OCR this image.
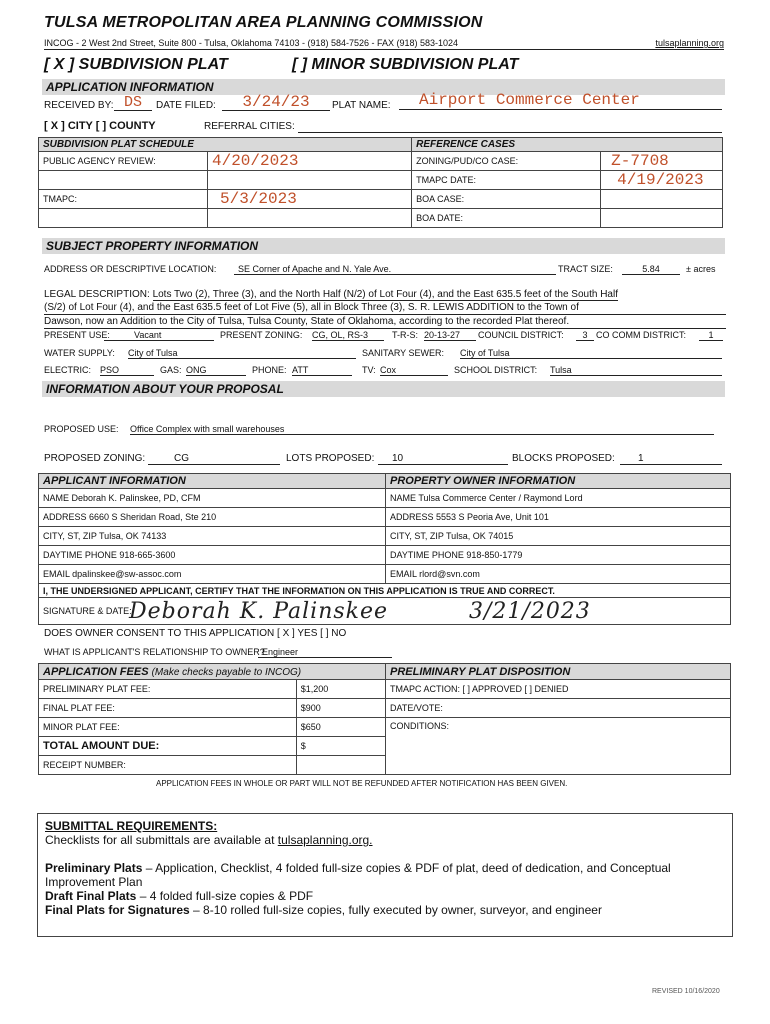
TULSA METROPOLITAN AREA PLANNING COMMISSION
INCOG - 2 West 2nd Street, Suite 800 - Tulsa, Oklahoma 74103 - (918) 584-7526 - FAX (918) 583-1024	tulsaplanning.org
[ X ] SUBDIVISION PLAT	[ ] MINOR SUBDIVISION PLAT
APPLICATION INFORMATION
RECEIVED BY: DS	DATE FILED:	3/24/23	PLAT NAME:	Airport Commerce Center
[ X ] CITY [ ] COUNTY	REFERRAL CITIES:
SUBDIVISION PLAT SCHEDULE		REFERENCE CASES	
PUBLIC AGENCY REVIEW:	4/20/2023	ZONING/PUD/CO CASE:	Z-7708
		TMAPC DATE:	4/19/2023
TMAPC:	5/3/2023	BOA CASE:	
		BOA DATE:	
SUBJECT PROPERTY INFORMATION
ADDRESS OR DESCRIPTIVE LOCATION:	SE Corner of Apache and N. Yale Ave.	TRACT SIZE:	5.84	± acres
LEGAL DESCRIPTION: Lots Two (2), Three (3), and the North Half (N/2) of Lot Four (4), and the East 635.5 feet of the South Half
(S/2) of Lot Four (4), and the East 635.5 feet of Lot Five (5), all in Block Three (3), S. R. LEWIS ADDITION to the Town of
Dawson, now an Addition to the City of Tulsa, Tulsa County, State of Oklahoma, according to the recorded Plat thereof.
PRESENT USE:	Vacant	PRESENT ZONING: CG, OL, RS-3	T-R-S: 20-13-27	COUNCIL DISTRICT:	3 CO COMM DISTRICT:	1
WATER SUPPLY: City of Tulsa	SANITARY SEWER: City of Tulsa
ELECTRIC: PSO	GAS: ONG	PHONE: ATT	TV: Cox	SCHOOL DISTRICT: Tulsa
INFORMATION ABOUT YOUR PROPOSAL
PROPOSED USE: Office Complex with small warehouses
PROPOSED ZONING:	CG	LOTS PROPOSED:	10	BLOCKS PROPOSED:	1
APPLICANT INFORMATION	PROPERTY OWNER INFORMATION
NAME Deborah K. Palinskee, PD, CFM	NAME Tulsa Commerce Center / Raymond Lord
ADDRESS 6660 S Sheridan Road, Ste 210	ADDRESS 5553 S Peoria Ave, Unit 101
CITY, ST, ZIP Tulsa, OK 74133	CITY, ST, ZIP Tulsa, OK 74015
DAYTIME PHONE 918-665-3600	DAYTIME PHONE 918-850-1779
EMAIL dpalinskee@sw-assoc.com	EMAIL rlord@svn.com
I, THE UNDERSIGNED APPLICANT, CERTIFY THAT THE INFORMATION ON THIS APPLICATION IS TRUE AND CORRECT.	
SIGNATURE & DATE:
Deborah K. Palinskee 3/21/2023	
DOES OWNER CONSENT TO THIS APPLICATION [ X ] YES [ ] NO
WHAT IS APPLICANT'S RELATIONSHIP TO OWNER?
Engineer
APPLICATION FEES (Make checks payable to INCOG)		PRELIMINARY PLAT DISPOSITION
PRELIMINARY PLAT FEE:	$1,200	TMAPC ACTION: [ ] APPROVED [ ] DENIED
FINAL PLAT FEE:	$900	DATE/VOTE:
MINOR PLAT FEE:	$650	CONDITIONS:
TOTAL AMOUNT DUE:	$	
RECEIPT NUMBER:		
APPLICATION FEES IN WHOLE OR PART WILL NOT BE REFUNDED AFTER NOTIFICATION HAS BEEN GIVEN.
SUBMITTAL REQUIREMENTS:
Checklists for all submittals are available at tulsaplanning.org.
Preliminary Plats – Application, Checklist, 4 folded full-size copies & PDF of plat, deed of dedication, and Conceptual Improvement Plan
Draft Final Plats – 4 folded full-size copies & PDF
Final Plats for Signatures – 8-10 rolled full-size copies, fully executed by owner, surveyor, and engineer
REVISED 10/16/2020
